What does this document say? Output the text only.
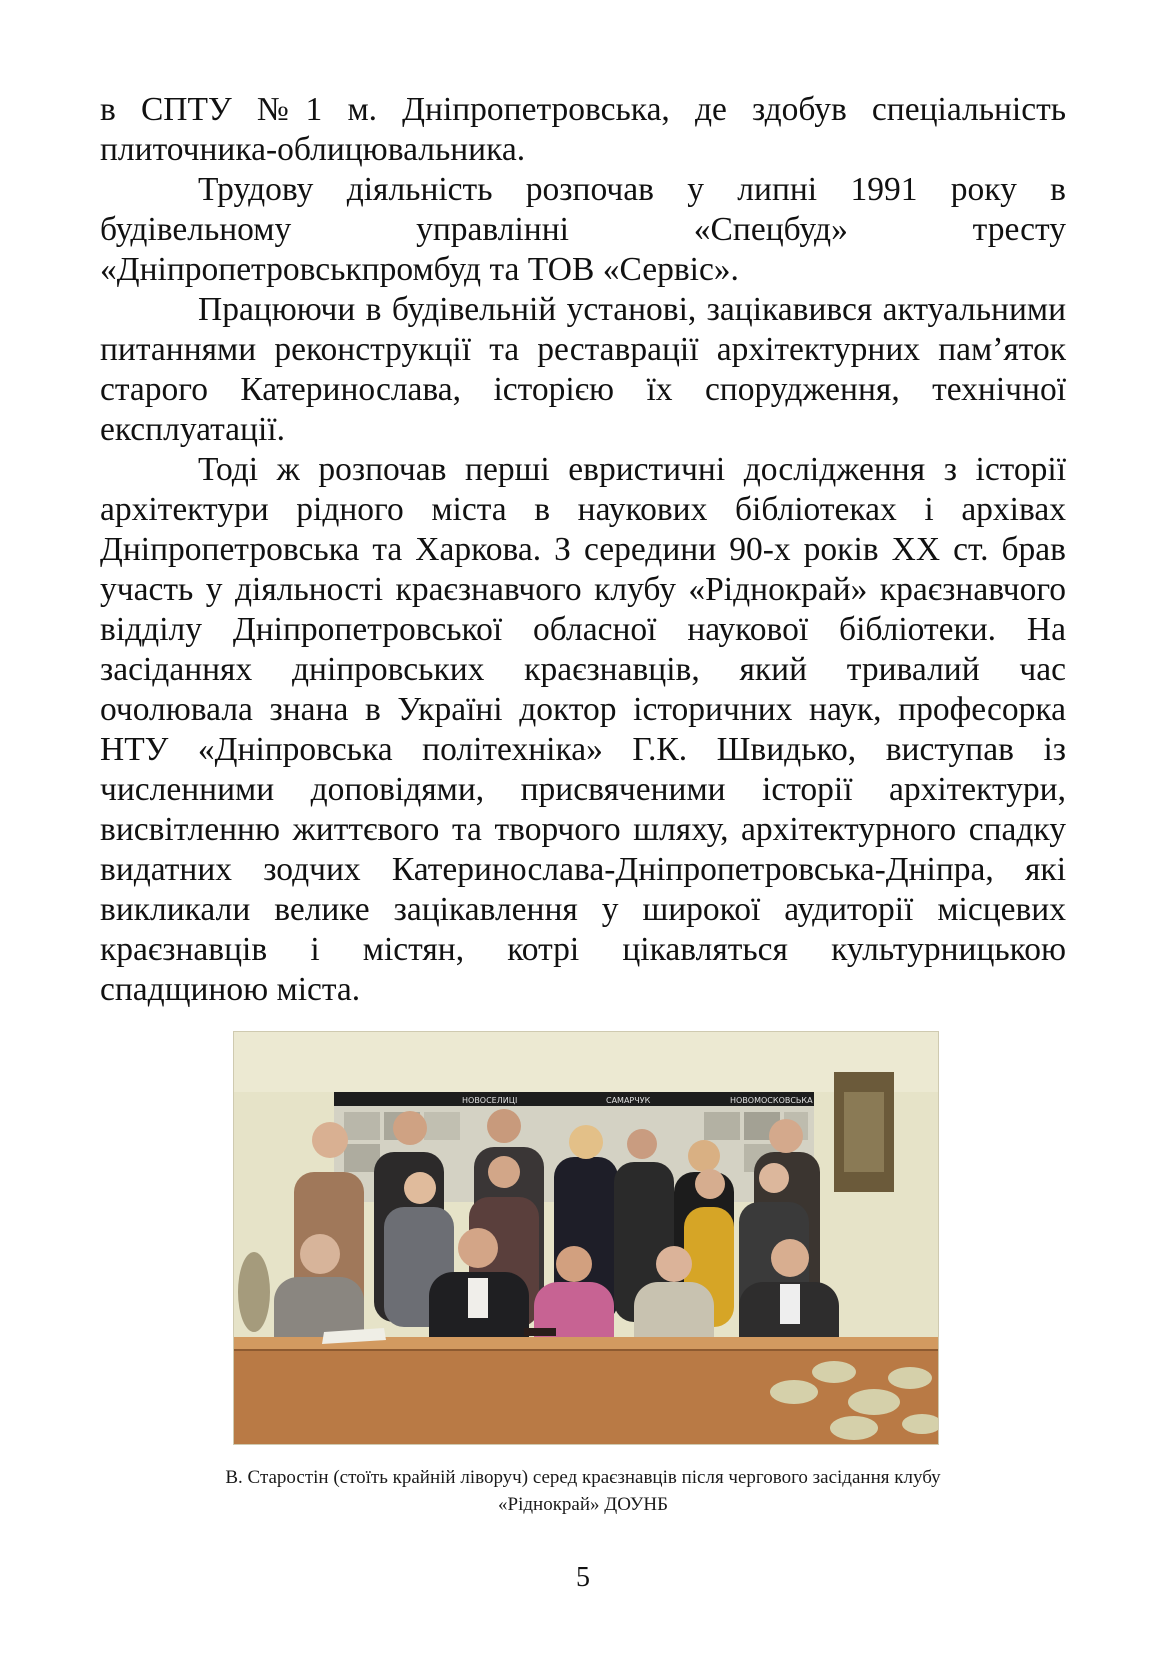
в СПТУ №1 м. Дніпропетровська, де здобув спеціальність плиточника-облицювальника.

Трудову діяльність розпочав у липні 1991 року в будівельному управлінні «Спецбуд» тресту «Дніпропетровськпромбуд та ТОВ «Сервіс».

Працюючи в будівельній установі, зацікавився актуальними питаннями реконструкції та реставрації архітектурних пам’яток старого Катеринослава, історією їх спорудження, технічної експлуатації.

Тоді ж розпочав перші евристичні дослідження з історії архітектури рідного міста в наукових бібліотеках і архівах Дніпропетровська та Харкова. З середини 90-х років XX ст. брав участь у діяльності краєзнавчого клубу «Ріднокрай» краєзнавчого відділу Дніпропетровської обласної наукової бібліотеки. На засіданнях дніпровських краєзнавців, який тривалий час очолювала знана в Україні доктор історичних наук, професорка НТУ «Дніпровська політехніка» Г.К. Швидько, виступав із численними доповідями, присвяченими історії архітектури, висвітленню життєвого та творчого шляху, архітектурного спадку видатних зодчих Катеринослава-Дніпропетровська-Дніпра, які викликали велике зацікавлення у широкої аудиторії місцевих краєзнавців і містян, котрі цікавляться культурницькою спадщиною міста.

НОВОСЕЛИЦІ	САМАРЧУК	НОВОМОСКОВСЬКА
В. Старостін (стоїть крайній ліворуч) серед краєзнавців після чергового засідання клубу «Ріднокрай» ДОУНБ
5
